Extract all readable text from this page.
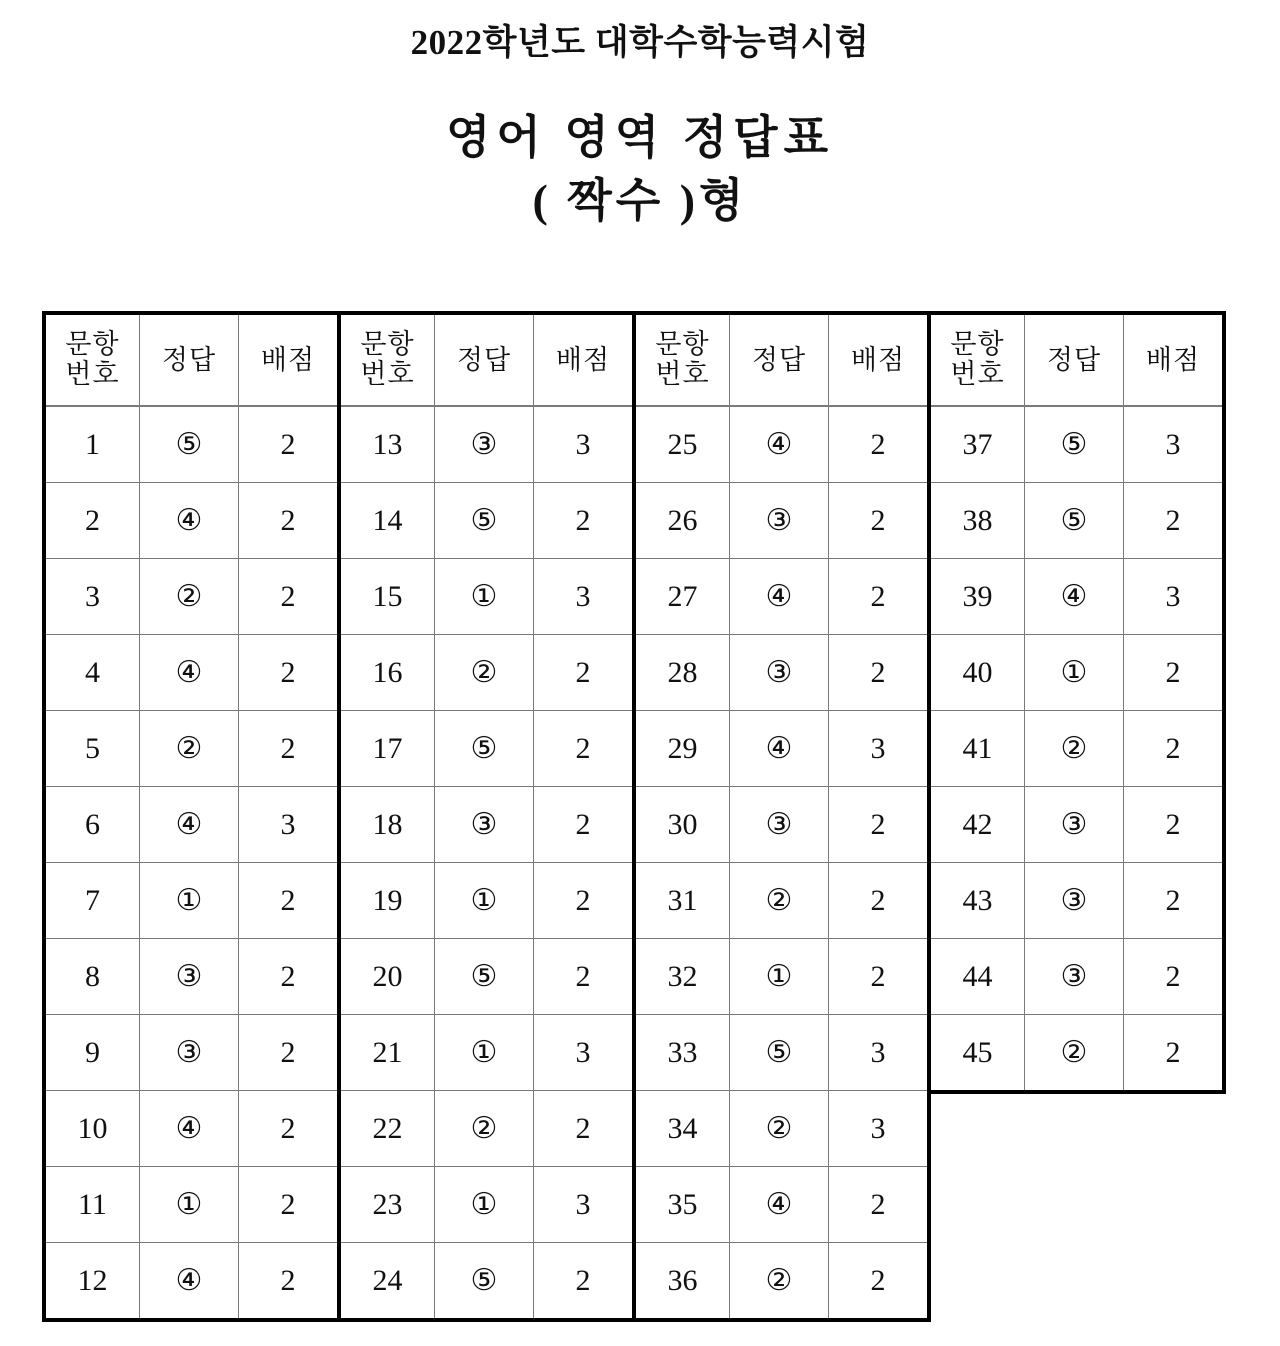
2022학년도 대학수학능력시험
영어 영역 정답표
( 짝수 )형
문항
번호	정답	배점
1	⑤	2
2	④	2
3	②	2
4	④	2
5	②	2
6	④	3
7	①	2
8	③	2
9	③	2
10	④	2
11	①	2
12	④	2
문항
번호	정답	배점
13	③	3
14	⑤	2
15	①	3
16	②	2
17	⑤	2
18	③	2
19	①	2
20	⑤	2
21	①	3
22	②	2
23	①	3
24	⑤	2
문항
번호	정답	배점
25	④	2
26	③	2
27	④	2
28	③	2
29	④	3
30	③	2
31	②	2
32	①	2
33	⑤	3
34	②	3
35	④	2
36	②	2
문항
번호	정답	배점
37	⑤	3
38	⑤	2
39	④	3
40	①	2
41	②	2
42	③	2
43	③	2
44	③	2
45	②	2
